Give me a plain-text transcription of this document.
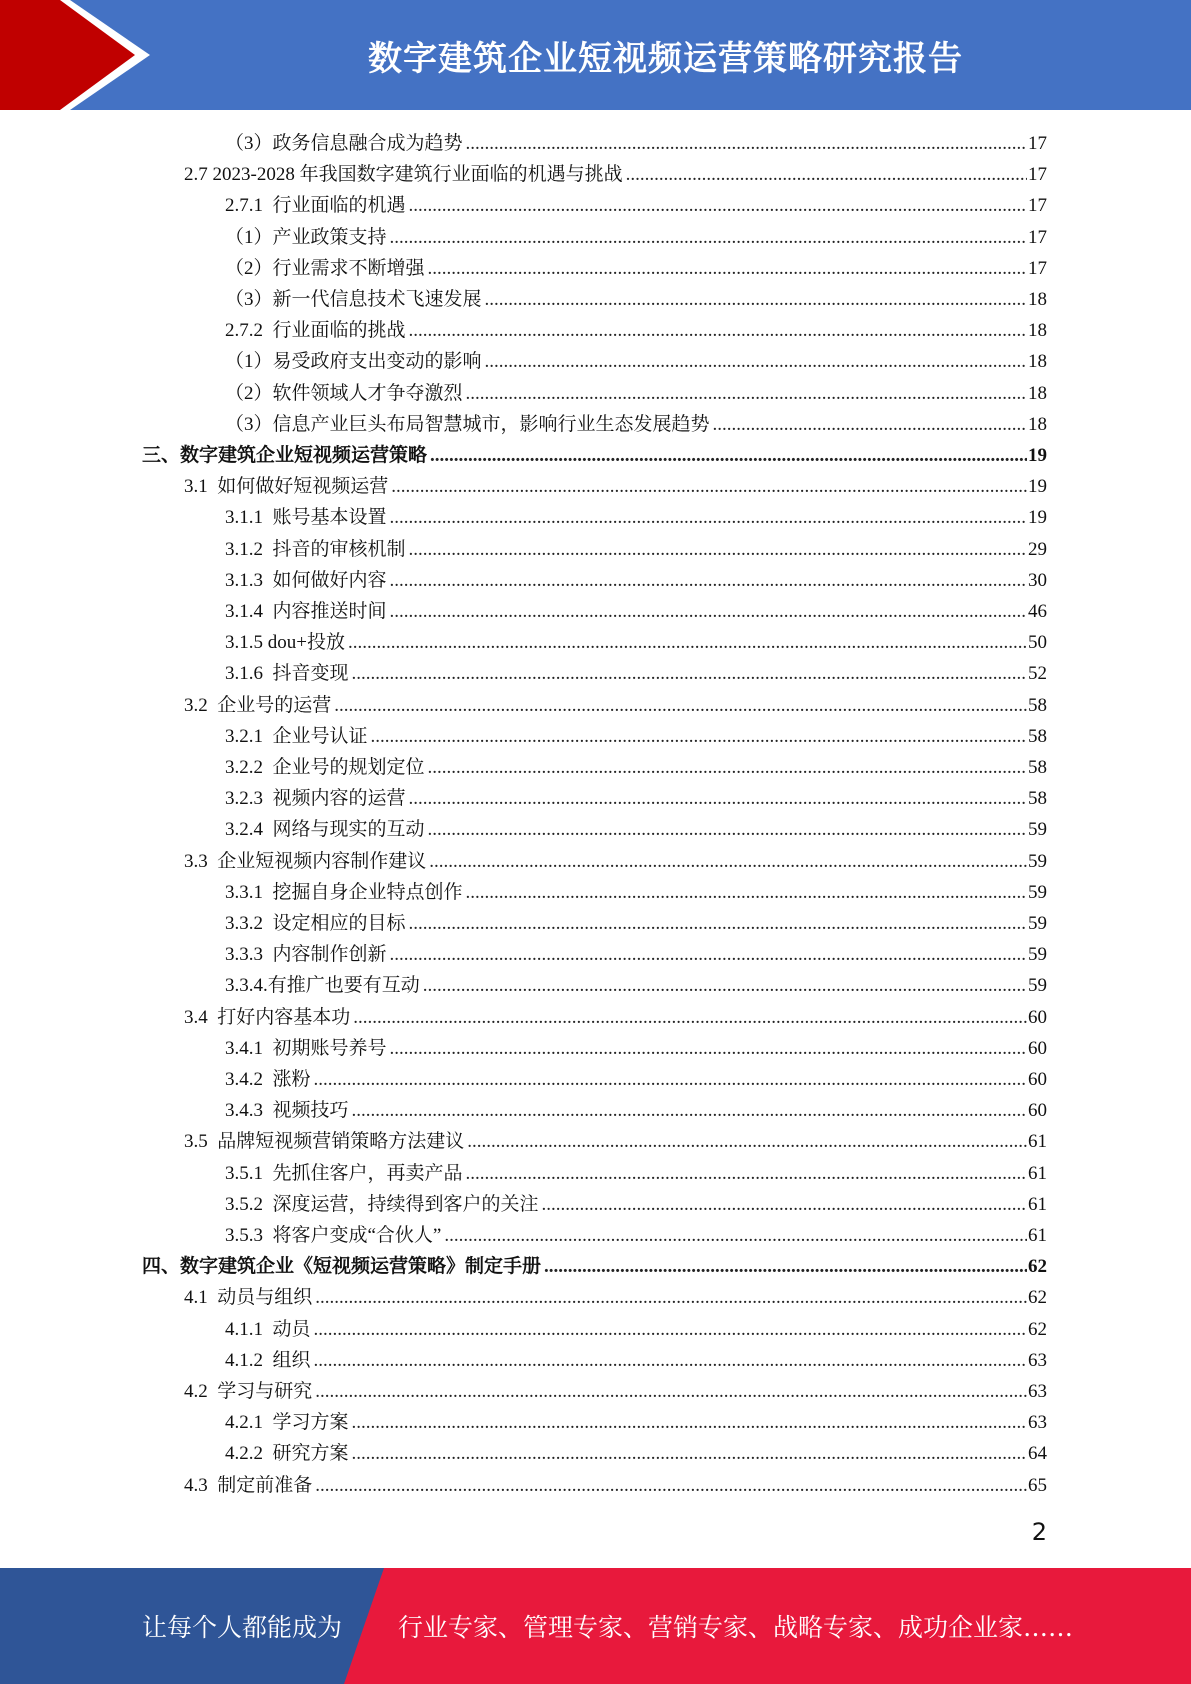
数字建筑企业短视频运营策略研究报告
（3）政务信息融合成为趋势 .....	17
2.7 2023-2028 年我国数字建筑行业面临的机遇与挑战 .....	17
2.7.1  行业面临的机遇 .....	17
（1）产业政策支持 .....	17
（2）行业需求不断增强 .....	17
（3）新一代信息技术飞速发展 .....	18
2.7.2  行业面临的挑战 .....	18
（1）易受政府支出变动的影响 .....	18
（2）软件领域人才争夺激烈 .....	18
（3）信息产业巨头布局智慧城市，影响行业生态发展趋势 .....	18
三、数字建筑企业短视频运营策略 .....	19
3.1  如何做好短视频运营 .....	19
3.1.1  账号基本设置 .....	19
3.1.2  抖音的审核机制 .....	29
3.1.3  如何做好内容 .....	30
3.1.4  内容推送时间 .....	46
3.1.5 dou+投放 .....	50
3.1.6  抖音变现 .....	52
3.2  企业号的运营 .....	58
3.2.1  企业号认证 .....	58
3.2.2  企业号的规划定位 .....	58
3.2.3  视频内容的运营 .....	58
3.2.4  网络与现实的互动 .....	59
3.3  企业短视频内容制作建议 .....	59
3.3.1  挖掘自身企业特点创作 .....	59
3.3.2  设定相应的目标 .....	59
3.3.3  内容制作创新 .....	59
3.3.4.有推广也要有互动 .....	59
3.4  打好内容基本功 .....	60
3.4.1  初期账号养号 .....	60
3.4.2  涨粉 .....	60
3.4.3  视频技巧 .....	60
3.5  品牌短视频营销策略方法建议 .....	61
3.5.1  先抓住客户，再卖产品 .....	61
3.5.2  深度运营，持续得到客户的关注 .....	61
3.5.3  将客户变成“合伙人” .....	61
四、数字建筑企业《短视频运营策略》制定手册 .....	62
4.1  动员与组织 .....	62
4.1.1  动员 .....	62
4.1.2  组织 .....	63
4.2  学习与研究 .....	63
4.2.1  学习方案 .....	63
4.2.2  研究方案 .....	64
4.3  制定前准备 .....	65
2
让每个人都能成为 行业专家、管理专家、营销专家、战略专家、成功企业家……
